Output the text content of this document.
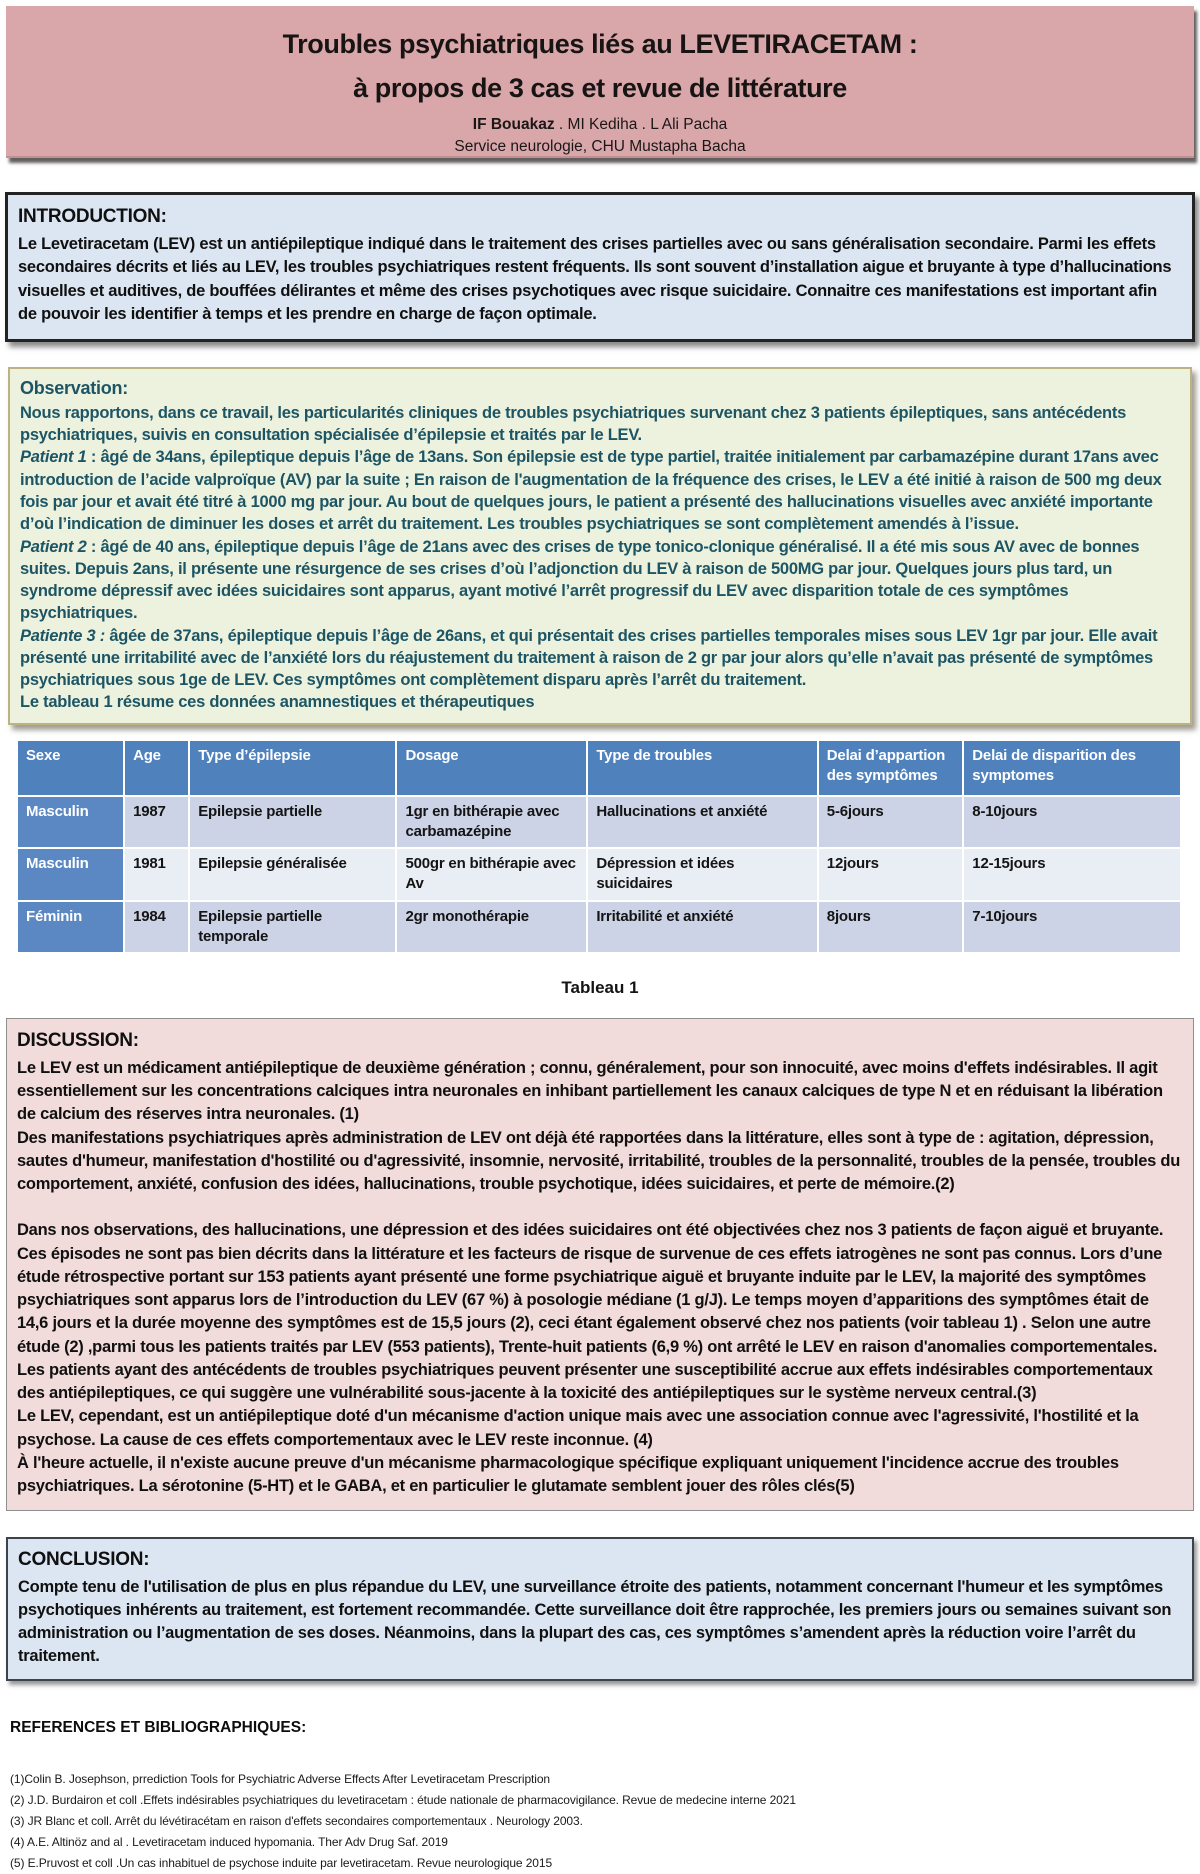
Troubles psychiatriques liés au LEVETIRACETAM :
à propos de 3 cas et revue de littérature

IF Bouakaz . MI Kediha . L Ali Pacha

Service neurologie, CHU Mustapha Bacha

INTRODUCTION:

Le Levetiracetam (LEV) est un antiépileptique indiqué dans le traitement des crises partielles avec ou sans généralisation secondaire. Parmi les effets secondaires décrits et liés au LEV, les troubles psychiatriques restent fréquents. Ils sont souvent d’installation aigue et bruyante à type d’hallucinations visuelles et auditives, de bouffées délirantes et même des crises psychotiques avec risque suicidaire. Connaitre ces manifestations est important afin de pouvoir les identifier à temps et les prendre en charge de façon optimale.

Observation:

Nous rapportons, dans ce travail, les particularités cliniques de troubles psychiatriques survenant chez 3 patients épileptiques, sans antécédents psychiatriques, suivis en consultation spécialisée d’épilepsie et traités par le LEV.

Patient 1 : âgé de 34ans, épileptique depuis l’âge de 13ans. Son épilepsie est de type partiel, traitée initialement par carbamazépine durant 17ans avec introduction de l’acide valproïque (AV) par la suite ; En raison de l'augmentation de la fréquence des crises, le LEV a été initié à raison de 500 mg deux fois par jour et avait été titré à 1000 mg par jour. Au bout de quelques jours, le patient a présenté des hallucinations visuelles avec anxiété importante d’où l’indication de diminuer les doses et arrêt du traitement. Les troubles psychiatriques se sont complètement amendés à l’issue.

Patient 2 : âgé de 40 ans, épileptique depuis l’âge de 21ans avec des crises de type tonico-clonique généralisé. Il a été mis sous AV avec de bonnes suites. Depuis 2ans, il présente une résurgence de ses crises d’où l’adjonction du LEV à raison de 500MG par jour. Quelques jours plus tard, un syndrome dépressif avec idées suicidaires sont apparus, ayant motivé l’arrêt progressif du LEV avec disparition totale de ces symptômes psychiatriques.

Patiente 3 : âgée de 37ans, épileptique depuis l’âge de 26ans, et qui présentait des crises partielles temporales mises sous LEV 1gr par jour. Elle avait présenté une irritabilité avec de l’anxiété lors du réajustement du traitement à raison de 2 gr par jour alors qu’elle n’avait pas présenté de symptômes psychiatriques sous 1ge de LEV. Ces symptômes ont complètement disparu après l’arrêt du traitement.

Le tableau 1 résume ces données anamnestiques et thérapeutiques

Sexe	Age	Type d’épilepsie	Dosage	Type de troubles	Delai d’appartion des symptômes	Delai de disparition des symptomes
Masculin	1987	Epilepsie partielle	1gr en bithérapie avec carbamazépine	Hallucinations et anxiété	5-6jours	8-10jours
Masculin	1981	Epilepsie généralisée	500gr en bithérapie avec Av	Dépression et idées suicidaires	12jours	12-15jours
Féminin	1984	Epilepsie partielle temporale	2gr monothérapie	Irritabilité et anxiété	8jours	7-10jours

Tableau 1

DISCUSSION:

Le LEV est un médicament antiépileptique de deuxième génération ; connu, généralement, pour son innocuité, avec moins d'effets indésirables. Il agit essentiellement sur les concentrations calciques intra neuronales en inhibant partiellement les canaux calciques de type N et en réduisant la libération de calcium des réserves intra neuronales. (1)

Des manifestations psychiatriques après administration de LEV ont déjà été rapportées dans la littérature, elles sont à type de : agitation, dépression, sautes d'humeur, manifestation d'hostilité ou d'agressivité, insomnie, nervosité, irritabilité, troubles de la personnalité, troubles de la pensée, troubles du comportement, anxiété, confusion des idées, hallucinations, trouble psychotique, idées suicidaires, et perte de mémoire.(2)

Dans nos observations, des hallucinations, une dépression et des idées suicidaires ont été objectivées chez nos 3 patients de façon aiguë et bruyante. Ces épisodes ne sont pas bien décrits dans la littérature et les facteurs de risque de survenue de ces effets iatrogènes ne sont pas connus. Lors d’une étude rétrospective portant sur 153 patients ayant présenté une forme psychiatrique aiguë et bruyante induite par le LEV, la majorité des symptômes psychiatriques sont apparus lors de l’introduction du LEV (67 %) à posologie médiane (1 g/J). Le temps moyen d’apparitions des symptômes était de 14,6 jours et la durée moyenne des symptômes est de 15,5 jours (2), ceci étant également observé chez nos patients (voir tableau 1) . Selon une autre étude (2) ,parmi tous les patients traités par LEV (553 patients), Trente-huit patients (6,9 %) ont arrêté le LEV en raison d'anomalies comportementales.

Les patients ayant des antécédents de troubles psychiatriques peuvent présenter une susceptibilité accrue aux effets indésirables comportementaux des antiépileptiques, ce qui suggère une vulnérabilité sous-jacente à la toxicité des antiépileptiques sur le système nerveux central.(3)

Le LEV, cependant, est un antiépileptique doté d'un mécanisme d'action unique mais avec une association connue avec l'agressivité, l'hostilité et la psychose. La cause de ces effets comportementaux avec le LEV reste inconnue. (4)

À l'heure actuelle, il n'existe aucune preuve d'un mécanisme pharmacologique spécifique expliquant uniquement l'incidence accrue des troubles psychiatriques. La sérotonine (5-HT) et le GABA, et en particulier le glutamate semblent jouer des rôles clés(5)

CONCLUSION:

Compte tenu de l'utilisation de plus en plus répandue du LEV, une surveillance étroite des patients, notamment concernant l'humeur et les symptômes psychotiques inhérents au traitement, est fortement recommandée. Cette surveillance doit être rapprochée, les premiers jours ou semaines suivant son administration ou l’augmentation de ses doses. Néanmoins, dans la plupart des cas, ces symptômes s’amendent après la réduction voire l’arrêt du traitement.

REFERENCES ET BIBLIOGRAPHIQUES:

(1)Colin B. Josephson, prrediction Tools for Psychiatric Adverse Effects After Levetiracetam Prescription

(2) J.D. Burdairon et coll .Effets indésirables psychiatriques du levetiracetam : étude nationale de pharmacovigilance. Revue de medecine interne 2021

(3) JR Blanc et coll. Arrêt du lévétiracétam en raison d'effets secondaires comportementaux . Neurology 2003.

(4) A.E. Altinöz and al . Levetiracetam induced hypomania. Ther Adv Drug Saf. 2019

(5) E.Pruvost et coll .Un cas inhabituel de psychose induite par levetiracetam. Revue neurologique 2015
